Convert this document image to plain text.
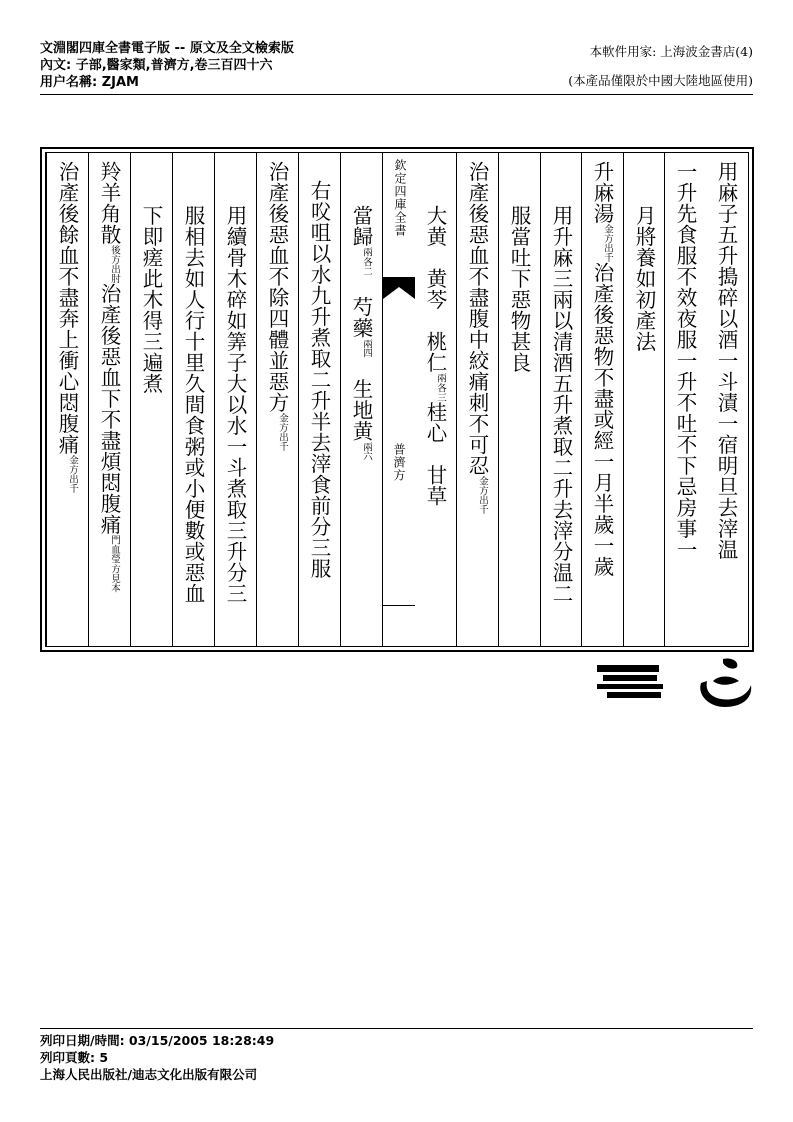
文淵閣四庫全書電子版 -- 原文及全文檢索版
內文: 子部,醫家類,普濟方,卷三百四十六
用户名稱: ZJAM
本軟件用家: 上海波金書店(4)
(本產品僅限於中國大陸地區使用)
用麻子五升搗碎以酒一斗漬一宿明旦去滓温
一升先食服不效夜服一升不吐不下忌房事一
月將養如初產法
升麻湯
出千
金方
治產後惡物不盡或經一月半歲一歲
用升麻三兩以清酒五升煮取二升去滓分温二
服當吐下惡物甚良
治產後惡血不盡腹中絞痛刺不可忍
出千
金方
大黄　黄芩　桃仁
各三
兩
桂心　甘草
欽定四庫全書
普濟方
當歸
各二
兩
　芍藥
四
兩
　生地黄
六
兩
右㕮咀以水九升煮取二升半去滓食前分三服
治產後惡血不除四體並惡方
出千
金方
用續骨木碎如筭子大以水一斗煮取三升分三
服相去如人行十里久間食粥或小便數或惡血
下即瘥此木得三遍煮
羚羊角散
出肘
後方
治產後惡血下不盡煩悶腹痛
方見本
門血瑩
治產後餘血不盡奔上衝心悶腹痛
出千
金方
列印日期/時間: 03/15/2005 18:28:49
列印頁數: 5
上海人民出版社/迪志文化出版有限公司
